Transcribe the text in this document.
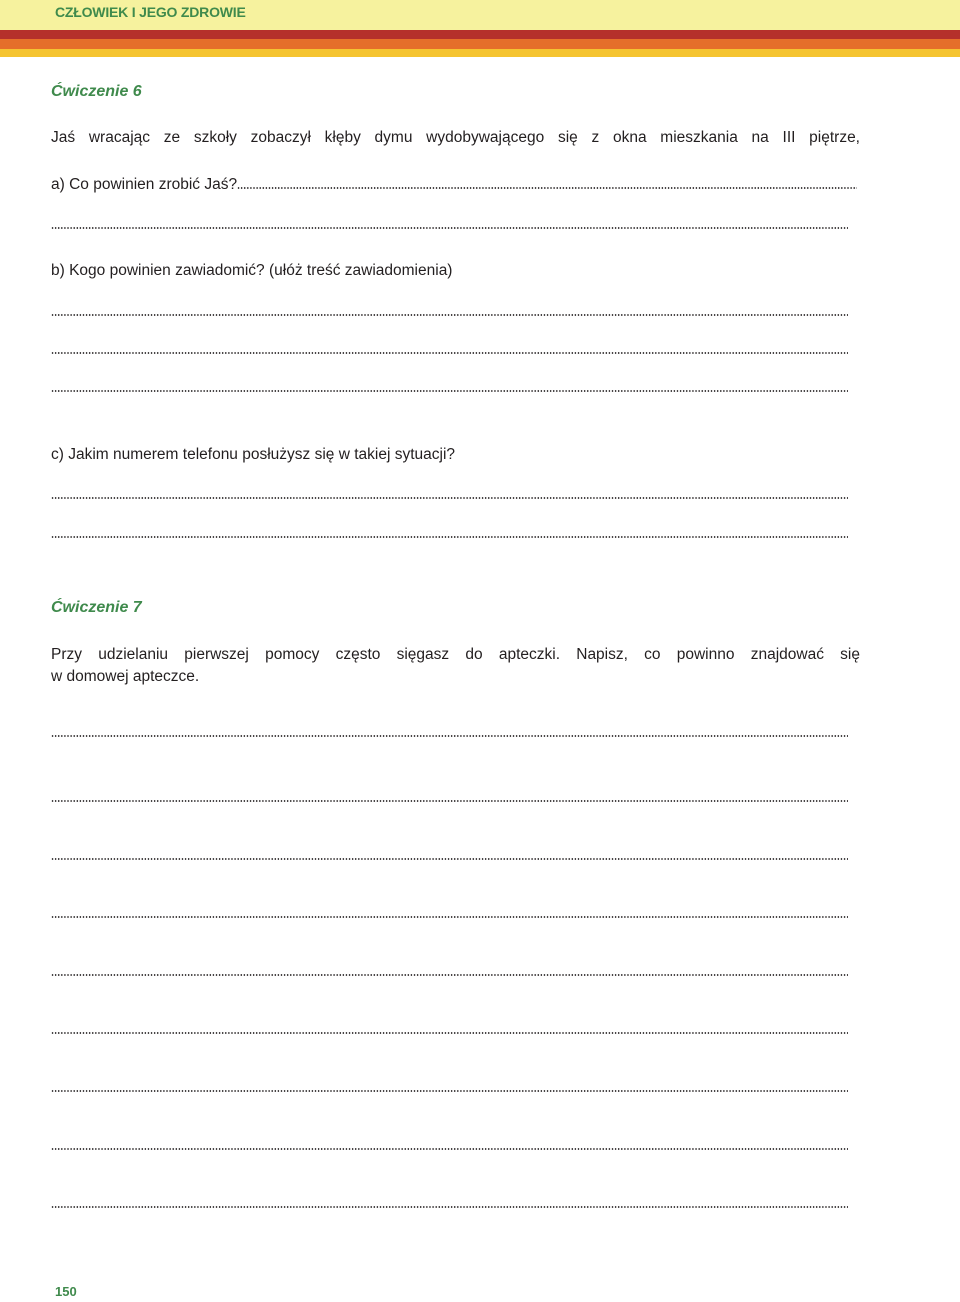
CZŁOWIEK I JEGO ZDROWIE
Ćwiczenie 6
Jaś wracając ze szkoły zobaczył kłęby dymu wydobywającego się z okna mieszkania na III piętrze,
a) Co powinien zrobić Jaś?
b) Kogo powinien zawiadomić? (ułóż treść zawiadomienia)
c) Jakim numerem telefonu posłużysz się w takiej sytuacji?
Ćwiczenie 7
Przy udzielaniu pierwszej pomocy często sięgasz do apteczki. Napisz, co powinno znajdować się
w domowej apteczce.
150
